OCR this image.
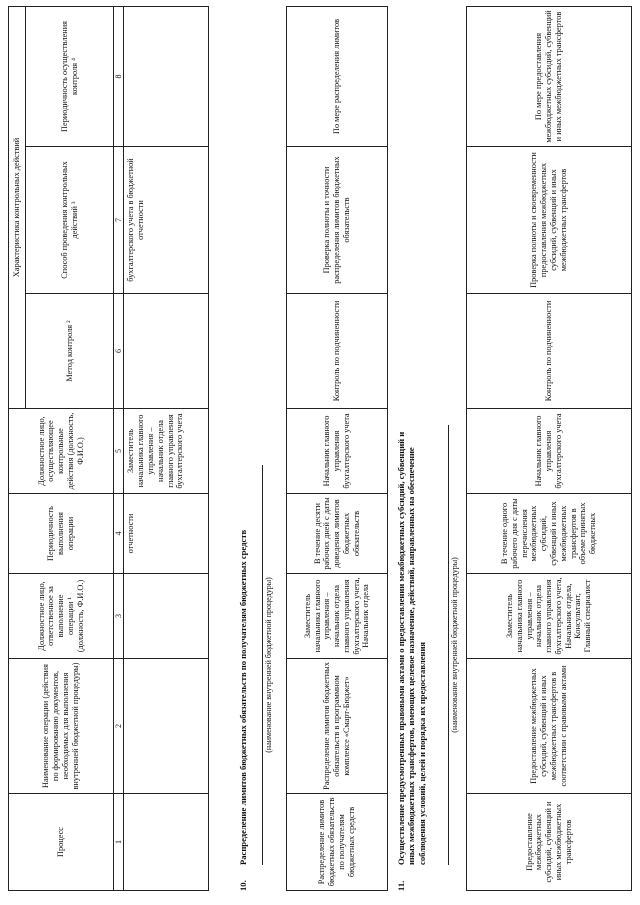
Процесс	Наименование операции (действия по формированию документов, необходимых для выполнения внутренней бюджетной процедуры)	Должностное лицо, ответственное за выполнение операции ¹ (должность, Ф.И.О.)	Периодичность выполнения операции	Должностное лицо, осуществляющее контрольные действия (должность, Ф.И.О.)	Характеристика контрольных действий		
					Метод контроля ²	Способ проведения контрольных действий ³	Периодичность осуществления контроля ⁴
1	2	3	4	5	6	7	8
			отчетности	Заместитель начальника главного управления – начальник отдела главного управления бухгалтерского учета		бухгалтерского учета в бюджетной отчетности	
10.
Распределение лимитов бюджетных обязательств по получателям бюджетных средств (наименование внутренней бюджетной процедуры)
Распределение лимитов бюджетных обязательств по получателям бюджетных средств	Распределение лимитов бюджетных обязательств в программном комплексе «Смарт-Бюджет»	Заместитель начальника главного управления – начальник отдела главного управления бухгалтерского учета, Начальник отдела	В течение десяти рабочих дней с даты доведения лимитов бюджетных обязательств	Начальник главного управления бухгалтерского учета	Контроль по подчиненности	Проверка полноты и точности распределения лимитов бюджетных обязательств	По мере распределения лимитов
11.
Осуществление предусмотренных правовыми актами о предоставлении межбюджетных субсидий, субвенций и иных межбюджетных трансфертов, имеющих целевое назначение, действий, направленных на обеспечение соблюдения условий, целей и порядка их предоставления	(наименование внутренней бюджетной процедуры)
Предоставление межбюджетных субсидий, субвенций и иных межбюджетных трансфертов	Предоставление межбюджетных субсидий, субвенций и иных межбюджетных трансфертов в соответствии с правовыми актами	Заместитель начальника главного управления – начальник отдела главного управления бухгалтерского учета, Начальник отдела, Консультант, Главный специалист	В течение одного рабочего дня с даты перечисления межбюджетных субсидий, субвенций и иных межбюджетных трансфертов в объеме принятых бюджетных	Начальник главного управления бухгалтерского учета	Контроль по подчиненности	Проверка полноты и своевременности предоставления межбюджетных субсидий, субвенций и иных межбюджетных трансфертов	По мере предоставления межбюджетных субсидий, субвенций и иных межбюджетных трансфертов
